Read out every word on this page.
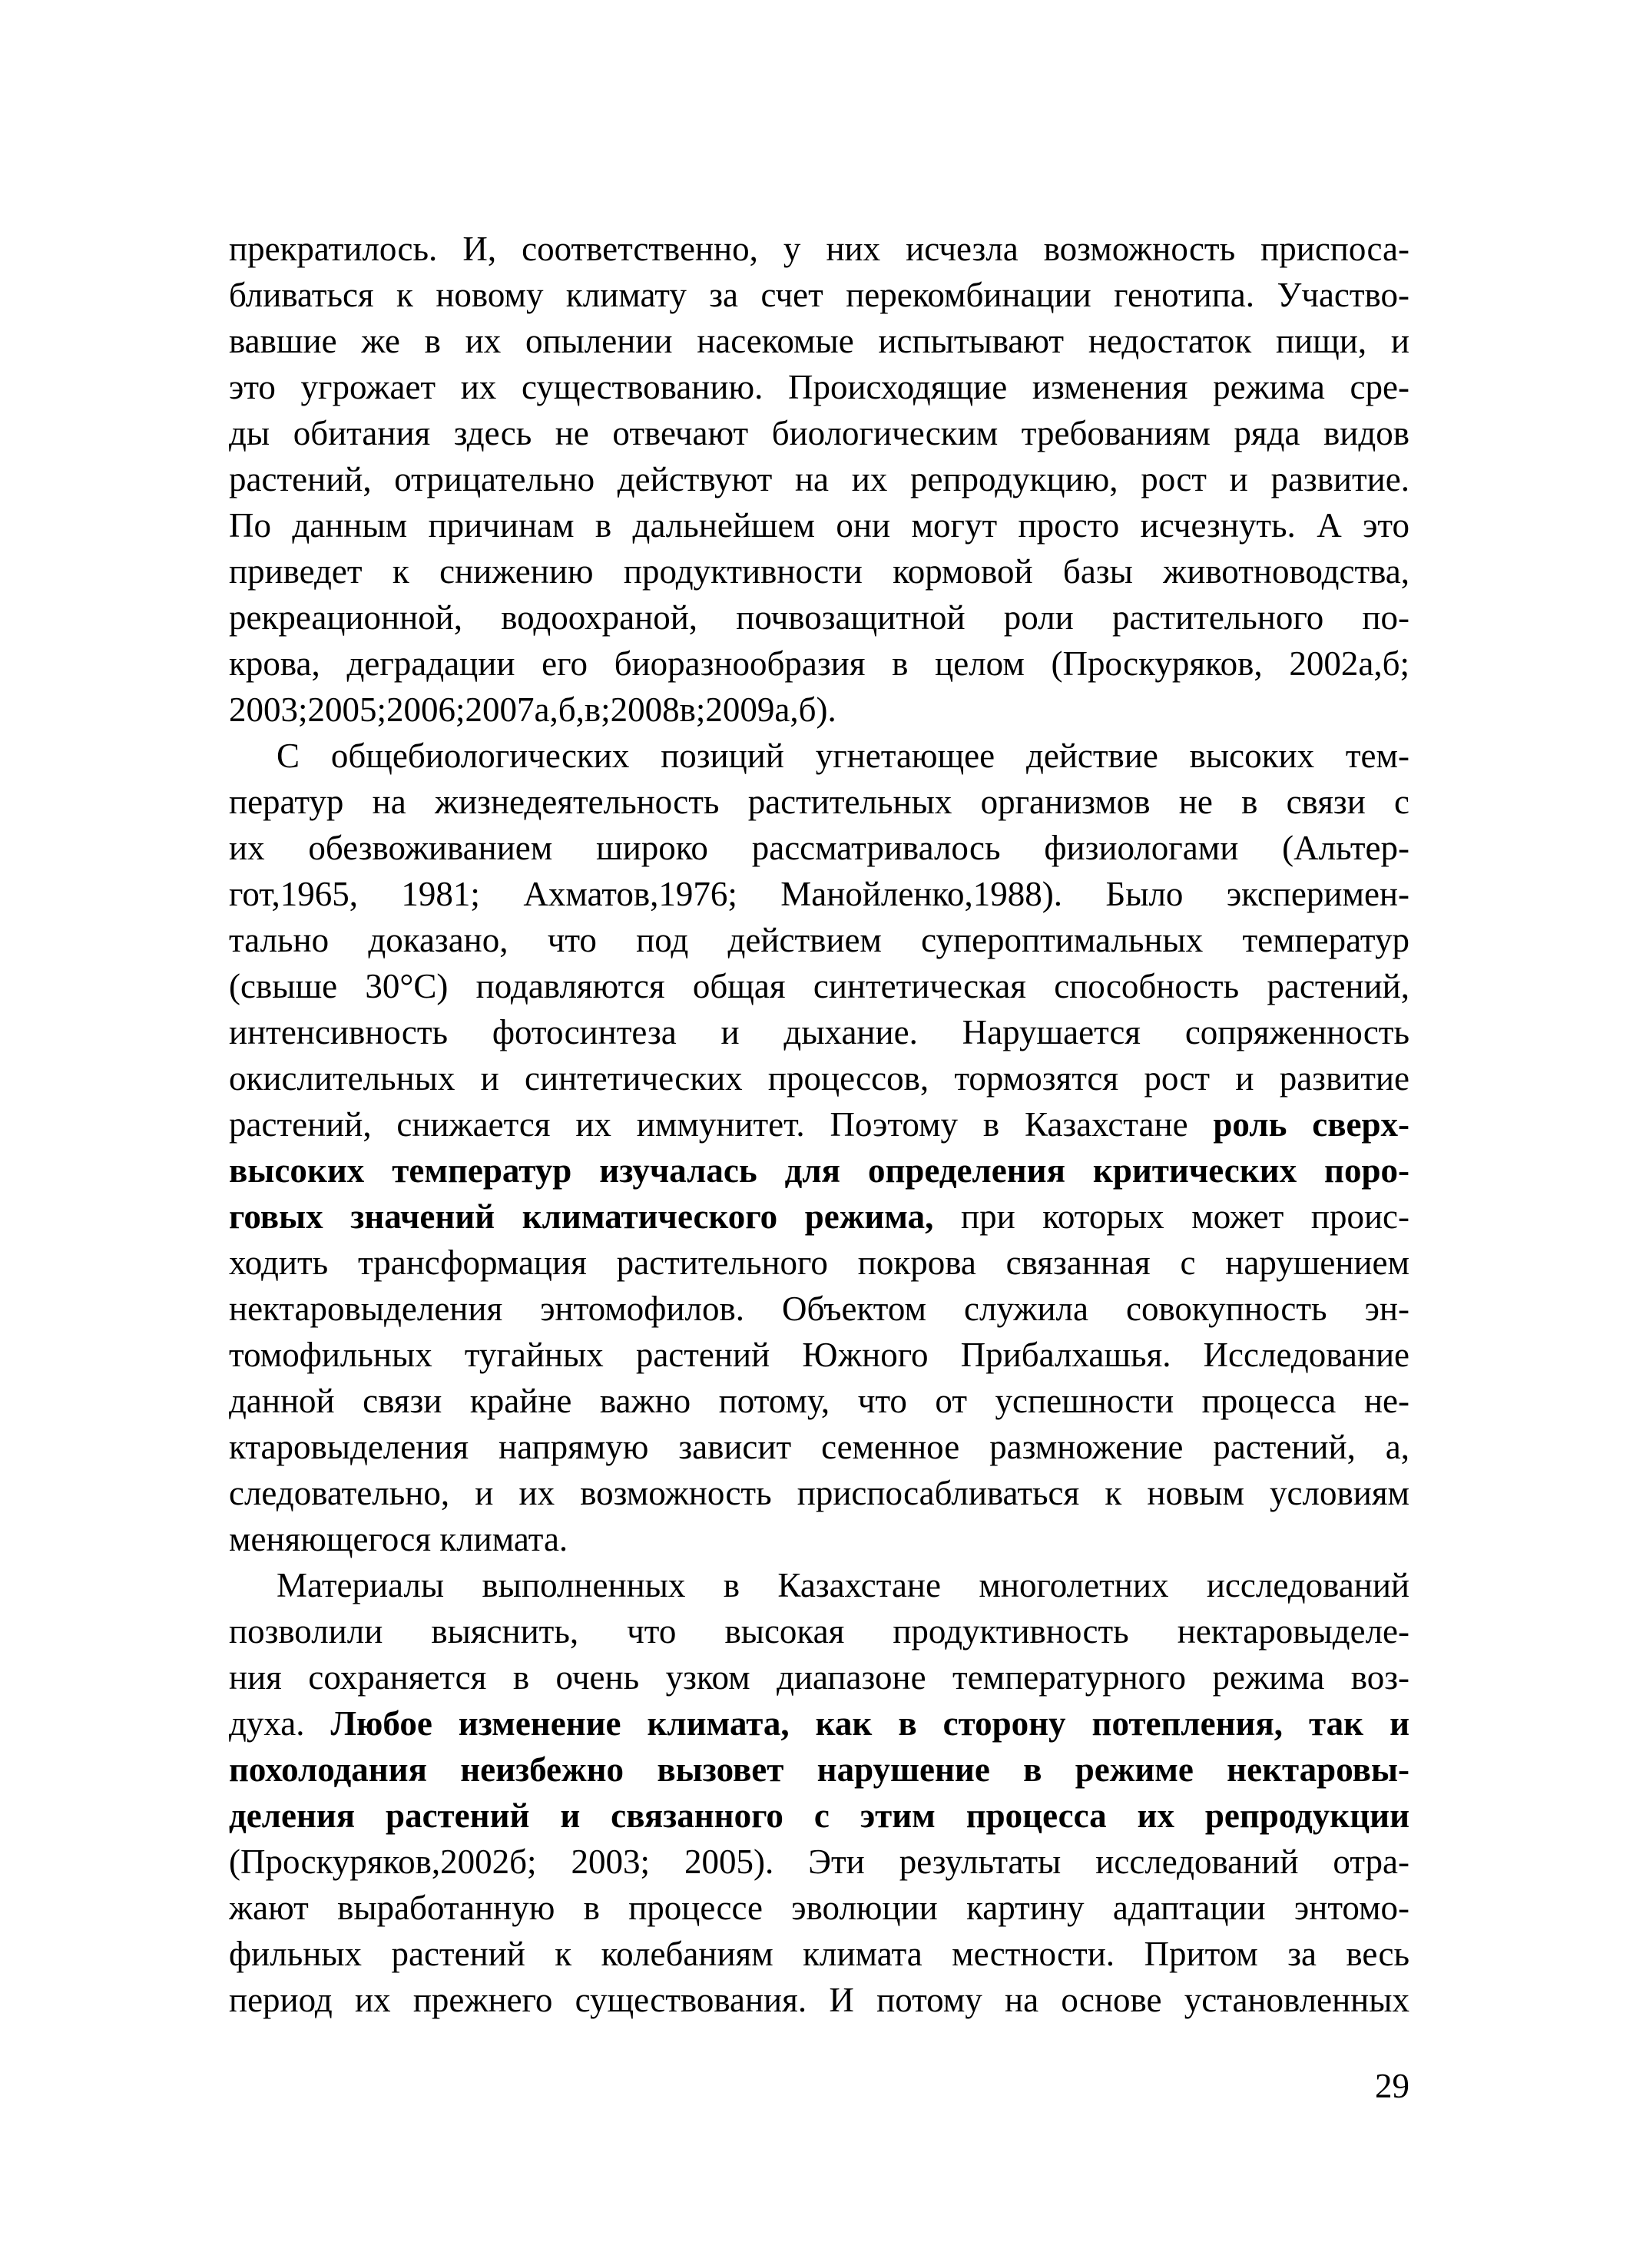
прекратилось. И, соответственно, у них исчезла возможность приспоса-
бливаться к новому климату за счет перекомбинации генотипа. Участво-
вавшие же в их опылении насекомые испытывают недостаток пищи, и
это угрожает их существованию. Происходящие изменения режима сре-
ды обитания здесь не отвечают биологическим требованиям ряда видов
растений, отрицательно действуют на их репродукцию, рост и развитие.
По данным причинам в дальнейшем они могут просто исчезнуть. А это
приведет к снижению продуктивности кормовой базы животноводства,
рекреационной, водоохраной, почвозащитной роли растительного по-
крова, деградации его биоразнообразия в целом (Проскуряков, 2002а,б;
2003;2005;2006;2007а,б,в;2008в;2009а,б).
С общебиологических позиций угнетающее действие высоких тем-
ператур на жизнедеятельность растительных организмов не в связи с
их обезвоживанием широко рассматривалось физиологами (Альтер-
гот,1965, 1981; Ахматов,1976; Манойленко,1988). Было эксперимен-
тально доказано, что под действием супероптимальных температур
(свыше 30°С) подавляются общая синтетическая способность растений,
интенсивность фотосинтеза и дыхание. Нарушается сопряженность
окислительных и синтетических процессов, тормозятся рост и развитие
растений, снижается их иммунитет. Поэтому в Казахстане роль сверх-
высоких температур изучалась для определения критических поро-
говых значений климатического режима, при которых может проис-
ходить трансформация растительного покрова связанная с нарушением
нектаровыделения энтомофилов. Объектом служила совокупность эн-
томофильных тугайных растений Южного Прибалхашья. Исследование
данной связи крайне важно потому, что от успешности процесса не-
ктаровыделения напрямую зависит семенное размножение растений, а,
следовательно, и их возможность приспосабливаться к новым условиям
меняющегося климата.
Материалы выполненных в Казахстане многолетних исследований
позволили выяснить, что высокая продуктивность нектаровыделе-
ния сохраняется в очень узком диапазоне температурного режима воз-
духа. Любое изменение климата, как в сторону потепления, так и
похолодания неизбежно вызовет нарушение в режиме нектаровы-
деления растений и связанного с этим процесса их репродукции
(Проскуряков,2002б; 2003; 2005). Эти результаты исследований отра-
жают выработанную в процессе эволюции картину адаптации энтомо-
фильных растений к колебаниям климата местности. Притом за весь
период их прежнего существования. И потому на основе установленных
29
